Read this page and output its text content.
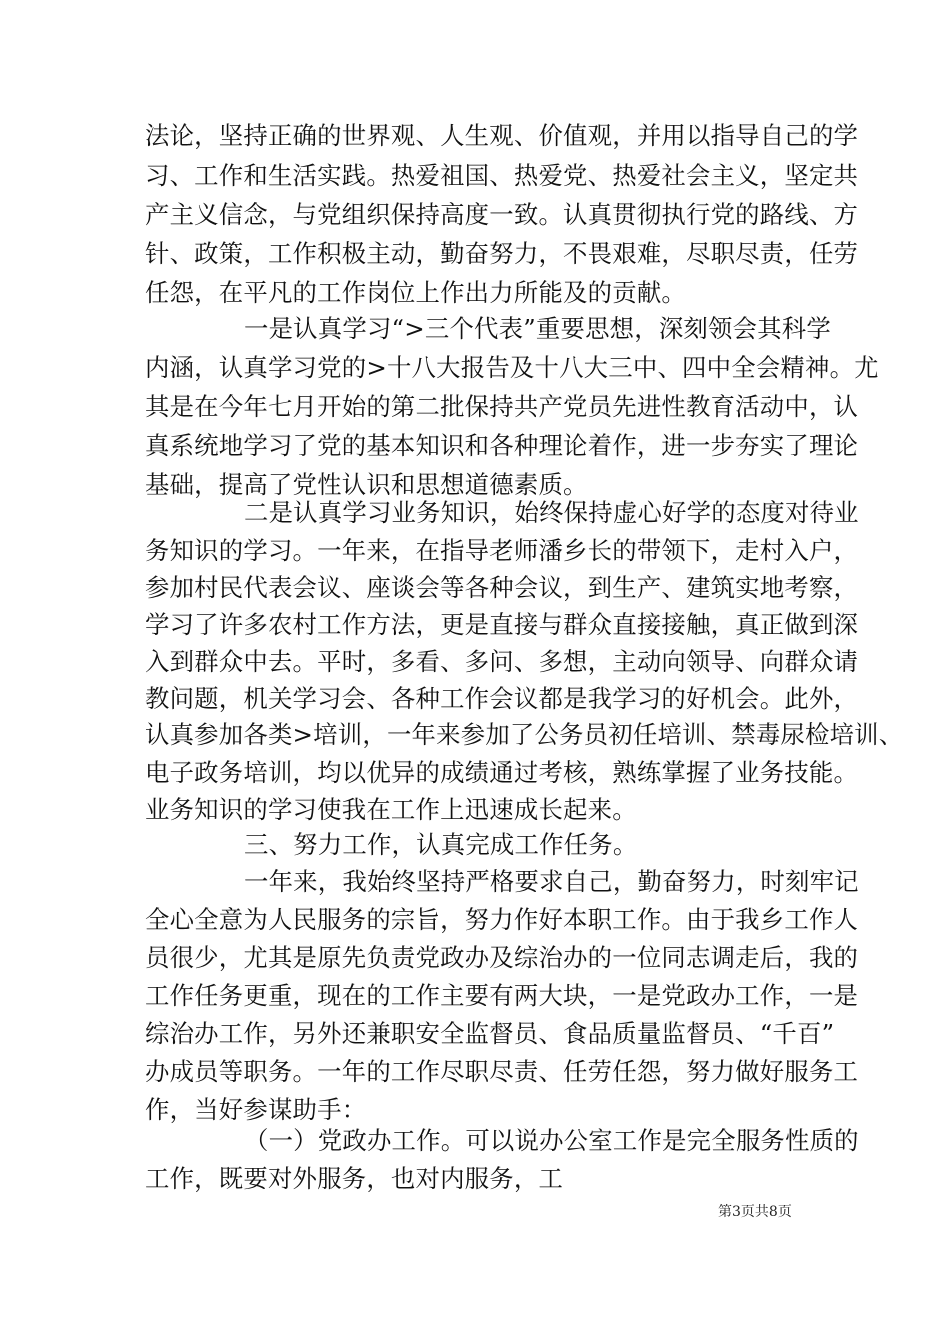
法论，坚持正确的世界观、人生观、价值观，并用以指导自己的学
习、工作和生活实践。热爱祖国、热爱党、热爱社会主义，坚定共
产主义信念，与党组织保持高度一致。认真贯彻执行党的路线、方
针、政策，工作积极主动，勤奋努力，不畏艰难，尽职尽责，任劳
任怨，在平凡的工作岗位上作出力所能及的贡献。
一是认真学习“>三个代表”重要思想，深刻领会其科学
内涵，认真学习党的>十八大报告及十八大三中、四中全会精神。尤
其是在今年七月开始的第二批保持共产党员先进性教育活动中，认
真系统地学习了党的基本知识和各种理论着作，进一步夯实了理论
基础，提高了党性认识和思想道德素质。
二是认真学习业务知识，始终保持虚心好学的态度对待业
务知识的学习。一年来，在指导老师潘乡长的带领下，走村入户，
参加村民代表会议、座谈会等各种会议，到生产、建筑实地考察，
学习了许多农村工作方法，更是直接与群众直接接触，真正做到深
入到群众中去。平时，多看、多问、多想，主动向领导、向群众请
教问题，机关学习会、各种工作会议都是我学习的好机会。此外，
认真参加各类>培训，一年来参加了公务员初任培训、禁毒尿检培训、
电子政务培训，均以优异的成绩通过考核，熟练掌握了业务技能。
业务知识的学习使我在工作上迅速成长起来。
三、努力工作，认真完成工作任务。
一年来，我始终坚持严格要求自己，勤奋努力，时刻牢记
全心全意为人民服务的宗旨，努力作好本职工作。由于我乡工作人
员很少，尤其是原先负责党政办及综治办的一位同志调走后，我的
工作任务更重，现在的工作主要有两大块，一是党政办工作，一是
综治办工作，另外还兼职安全监督员、食品质量监督员、“千百”
办成员等职务。一年的工作尽职尽责、任劳任怨，努力做好服务工
作，当好参谋助手：
（一）党政办工作。可以说办公室工作是完全服务性质的
工作，既要对外服务，也对内服务，工
第3页共8页
